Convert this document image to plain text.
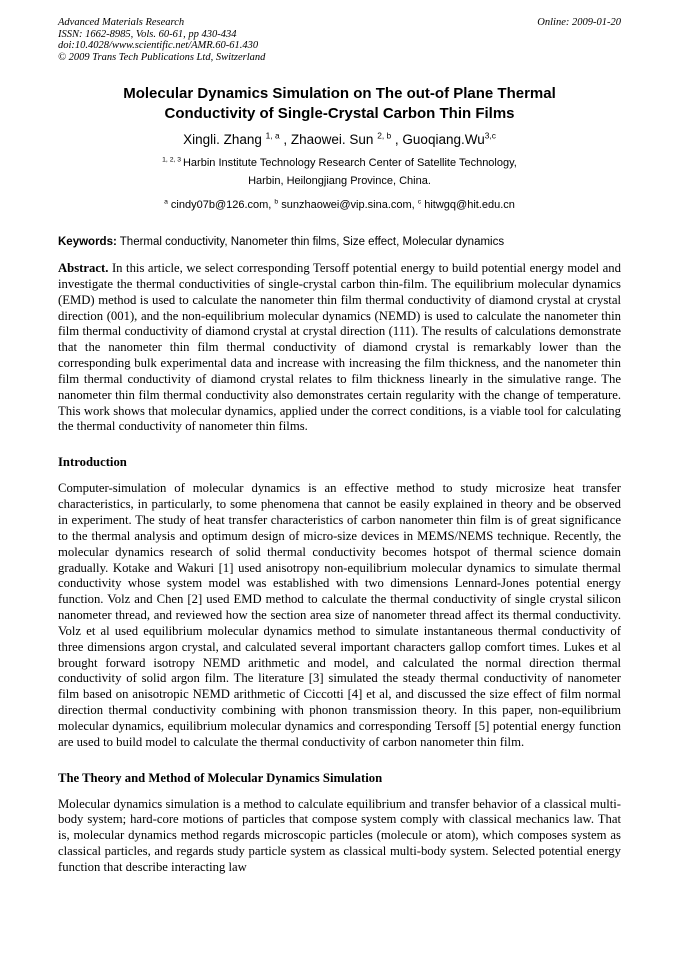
Advanced Materials Research
ISSN: 1662-8985, Vols. 60-61, pp 430-434
doi:10.4028/www.scientific.net/AMR.60-61.430
© 2009 Trans Tech Publications Ltd, Switzerland
Online: 2009-01-20
Molecular Dynamics Simulation on The out-of Plane Thermal Conductivity of Single-Crystal Carbon Thin Films
Xingli. Zhang $^{1, a}$ , Zhaowei. Sun $^{2, b}$ , Guoqiang.Wu$^{3,c}$
$^{1, 2, 3}$ Harbin Institute Technology Research Center of Satellite Technology,
Harbin, Heilongjiang Province, China.
$^a$ cindy07b@126.com, $^b$ sunzhaowei@vip.sina.com, $^c$ hitwgq@hit.edu.cn

Keywords: Thermal conductivity, Nanometer thin films, Size effect, Molecular dynamics

Abstract. In this article, we select corresponding Tersoff potential energy to build potential energy model and investigate the thermal conductivities of single-crystal carbon thin-film. The equilibrium molecular dynamics (EMD) method is used to calculate the nanometer thin film thermal conductivity of diamond crystal at crystal direction (001), and the non-equilibrium molecular dynamics (NEMD) is used to calculate the nanometer thin film thermal conductivity of diamond crystal at crystal direction (111). The results of calculations demonstrate that the nanometer thin film thermal conductivity of diamond crystal is remarkably lower than the corresponding bulk experimental data and increase with increasing the film thickness, and the nanometer thin film thermal conductivity of diamond crystal relates to film thickness linearly in the simulative range. The nanometer thin film thermal conductivity also demonstrates certain regularity with the change of temperature. This work shows that molecular dynamics, applied under the correct conditions, is a viable tool for calculating the thermal conductivity of nanometer thin films.

Introduction

Computer-simulation of molecular dynamics is an effective method to study microsize heat transfer characteristics, in particularly, to some phenomena that cannot be easily explained in theory and be observed in experiment. The study of heat transfer characteristics of carbon nanometer thin film is of great significance to the thermal analysis and optimum design of micro-size devices in MEMS/NEMS technique. Recently, the molecular dynamics research of solid thermal conductivity becomes hotspot of thermal science domain gradually. Kotake and Wakuri [1] used anisotropy non-equilibrium molecular dynamics to simulate thermal conductivity whose system model was established with two dimensions Lennard-Jones potential energy function. Volz and Chen [2] used EMD method to calculate the thermal conductivity of single crystal silicon nanometer thread, and reviewed how the section area size of nanometer thread affect its thermal conductivity. Volz et al used equilibrium molecular dynamics method to simulate instantaneous thermal conductivity of three dimensions argon crystal, and calculated several important characters gallop comfort times. Lukes et al brought forward isotropy NEMD arithmetic and model, and calculated the normal direction thermal conductivity of solid argon film. The literature [3] simulated the steady thermal conductivity of nanometer film based on anisotropic NEMD arithmetic of Ciccotti [4] et al, and discussed the size effect of film normal direction thermal conductivity combining with phonon transmission theory. In this paper, non-equilibrium molecular dynamics, equilibrium molecular dynamics and corresponding Tersoff [5] potential energy function are used to build model to calculate the thermal conductivity of carbon nanometer thin film.

The Theory and Method of Molecular Dynamics Simulation

Molecular dynamics simulation is a method to calculate equilibrium and transfer behavior of a classical multi-body system; hard-core motions of particles that compose system comply with classical mechanics law. That is, molecular dynamics method regards microscopic particles (molecule or atom), which composes system as classical particles, and regards study particle system as classical multi-body system. Selected potential energy function that describe interacting law
